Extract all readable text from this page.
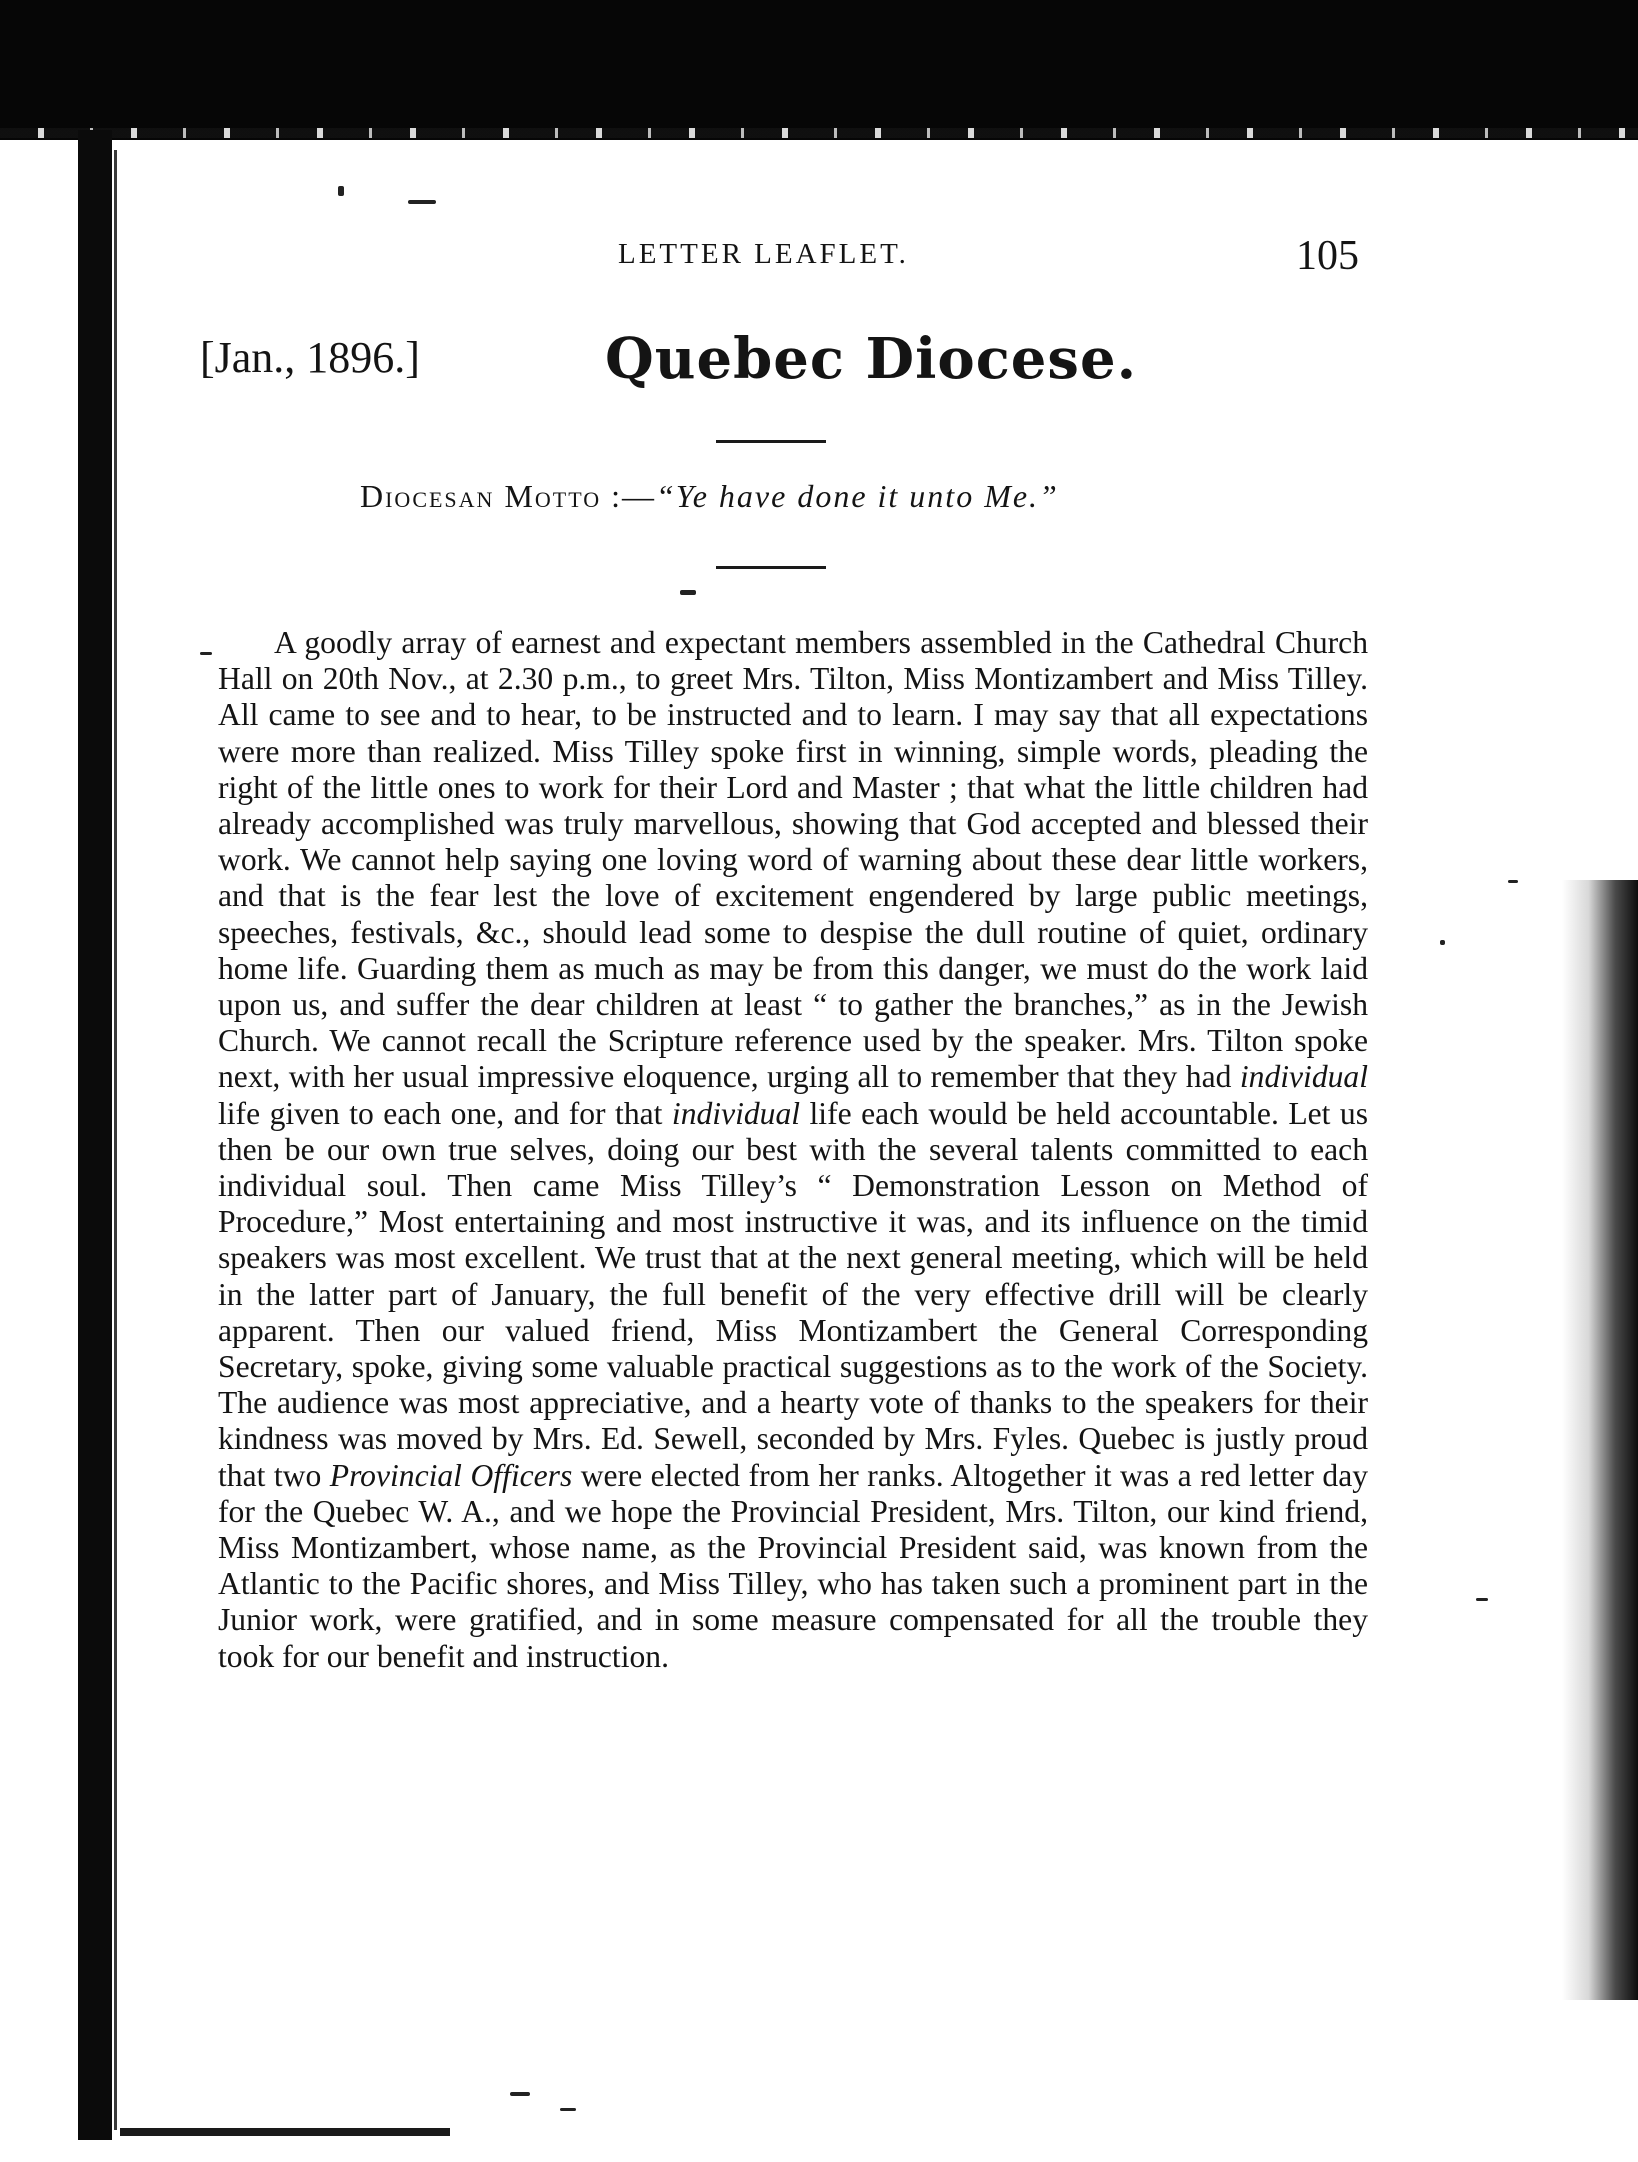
LETTER LEAFLET.	105
[Jan., 1896.]	Quebec Diocese.
Diocesan Motto :—“Ye have done it unto Me.”
A goodly array of earnest and expectant members assembled in the Cathedral Church Hall on 20th Nov., at 2.30 p.m., to greet Mrs. Tilton, Miss Montizambert and Miss Tilley. All came to see and to hear, to be instructed and to learn. I may say that all expectations were more than realized. Miss Tilley spoke first in winning, simple words, pleading the right of the little ones to work for their Lord and Master ; that what the little children had already accomplished was truly marvellous, showing that God accepted and blessed their work. We cannot help saying one loving word of warning about these dear little workers, and that is the fear lest the love of excitement engendered by large public meetings, speeches, festivals, &c., should lead some to despise the dull routine of quiet, ordinary home life. Guarding them as much as may be from this danger, we must do the work laid upon us, and suffer the dear children at least “ to gather the branches,” as in the Jewish Church. We cannot recall the Scripture reference used by the speaker. Mrs. Tilton spoke next, with her usual impressive eloquence, urging all to remember that they had individual life given to each one, and for that individual life each would be held accountable. Let us then be our own true selves, doing our best with the several talents committed to each individual soul. Then came Miss Tilley’s “ Demonstration Lesson on Method of Procedure,” Most entertaining and most instructive it was, and its influence on the timid speakers was most excellent. We trust that at the next general meeting, which will be held in the latter part of January, the full benefit of the very effective drill will be clearly apparent. Then our valued friend, Miss Montizambert the General Corresponding Secretary, spoke, giving some valuable practical suggestions as to the work of the Society. The audience was most appreciative, and a hearty vote of thanks to the speakers for their kindness was moved by Mrs. Ed. Sewell, seconded by Mrs. Fyles. Quebec is justly proud that two Provincial Officers were elected from her ranks. Altogether it was a red letter day for the Quebec W. A., and we hope the Provincial President, Mrs. Tilton, our kind friend, Miss Montizambert, whose name, as the Provincial President said, was known from the Atlantic to the Pacific shores, and Miss Tilley, who has taken such a prominent part in the Junior work, were gratified, and in some measure compensated for all the trouble they took for our benefit and instruction.
